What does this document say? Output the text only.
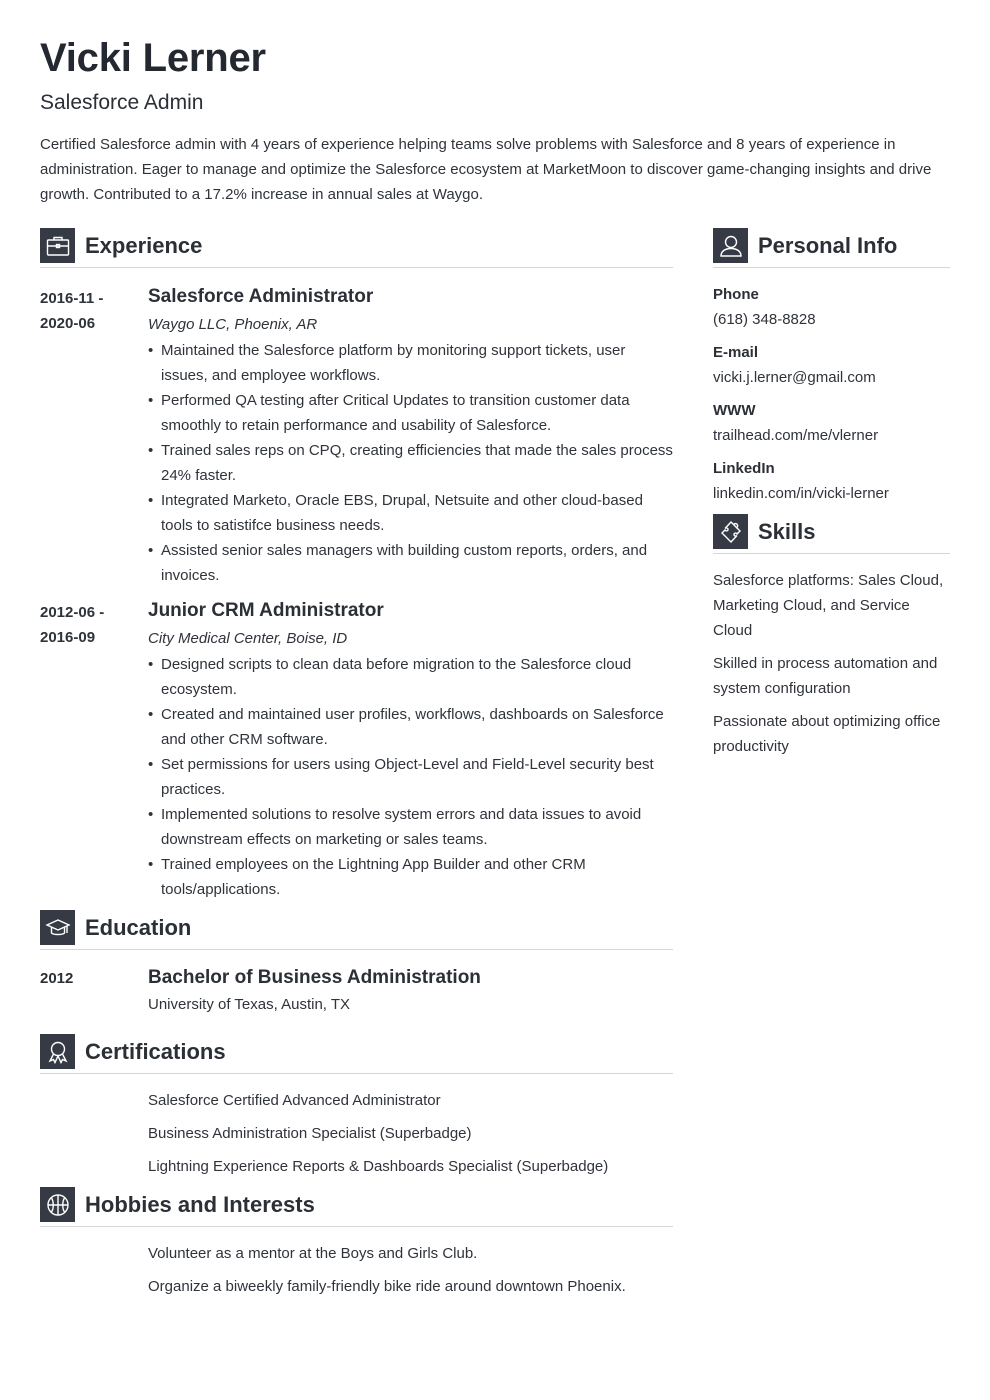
Vicki Lerner
Salesforce Admin
Certified Salesforce admin with 4 years of experience helping teams solve problems with Salesforce and 8 years of experience in administration. Eager to manage and optimize the Salesforce ecosystem at MarketMoon to discover game-changing insights and drive growth. Contributed to a 17.2% increase in annual sales at Waygo.
Experience
2016-11 -
2020-06
Salesforce Administrator
Waygo LLC, Phoenix, AR
• Maintained the Salesforce platform by monitoring support tickets, user issues, and employee workflows.
• Performed QA testing after Critical Updates to transition customer data smoothly to retain performance and usability of Salesforce.
• Trained sales reps on CPQ, creating efficiencies that made the sales process 24% faster.
• Integrated Marketo, Oracle EBS, Drupal, Netsuite and other cloud-based tools to satistifce business needs.
• Assisted senior sales managers with building custom reports, orders, and invoices.
2012-06 -
2016-09
Junior CRM Administrator
City Medical Center, Boise, ID
• Designed scripts to clean data before migration to the Salesforce cloud ecosystem.
• Created and maintained user profiles, workflows, dashboards on Salesforce and other CRM software.
• Set permissions for users using Object-Level and Field-Level security best practices.
• Implemented solutions to resolve system errors and data issues to avoid downstream effects on marketing or sales teams.
• Trained employees on the Lightning App Builder and other CRM tools/applications.
Education
2012	Bachelor of Business Administration
University of Texas, Austin, TX
Certifications
Salesforce Certified Advanced Administrator
Business Administration Specialist (Superbadge)
Lightning Experience Reports & Dashboards Specialist (Superbadge)
Hobbies and Interests
Volunteer as a mentor at the Boys and Girls Club.
Organize a biweekly family-friendly bike ride around downtown Phoenix.
Personal Info
Phone
(618) 348-8828
E-mail
vicki.j.lerner@gmail.com
WWW
trailhead.com/me/vlerner
LinkedIn
linkedin.com/in/vicki-lerner
Skills
Salesforce platforms: Sales Cloud, Marketing Cloud, and Service Cloud
Skilled in process automation and system configuration
Passionate about optimizing office productivity
